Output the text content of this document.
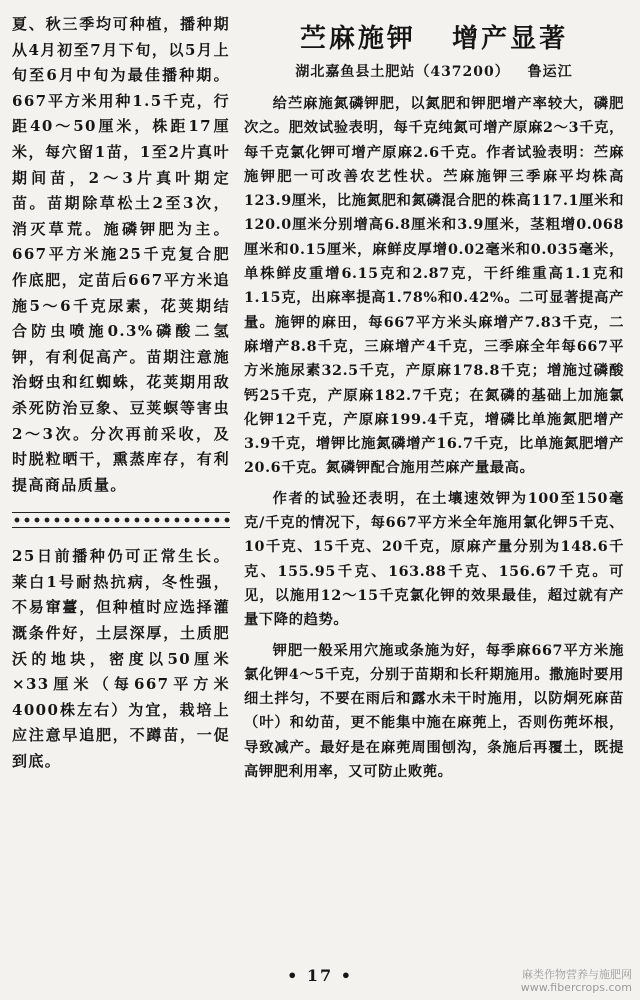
夏、秋三季均可种植，播种期从4月初至7月下旬，以5月上旬至6月中旬为最佳播种期。667平方米用种1.5千克，行距40～50厘米，株距17厘米，每穴留1苗，1至2片真叶期间苗，2～3片真叶期定苗。苗期除草松土2至3次，消灭草荒。施磷钾肥为主。667平方米施25千克复合肥作底肥，定苗后667平方米追施5～6千克尿素，花荚期结合防虫喷施0.3%磷酸二氢钾，有利促高产。苗期注意施治蚜虫和红蜘蛛，花荚期用敌杀死防治豆象、豆荚螟等害虫2～3次。分次再前采收，及时脱粒晒干，熏蒸库存，有利提高商品质量。

25日前播种仍可正常生长。莱白1号耐热抗病，冬性强，不易窜薹，但种植时应选择灌溉条件好，土层深厚，土质肥沃的地块，密度以50厘米×33厘米（每667平方米4000株左右）为宜，栽培上应注意早追肥，不蹲苗，一促到底。

苎麻施钾   增产显著
湖北嘉鱼县土肥站（437200） 鲁运江

给苎麻施氮磷钾肥，以氮肥和钾肥增产率较大，磷肥次之。肥效试验表明，每千克纯氮可增产原麻2～3千克，每千克氯化钾可增产原麻2.6千克。作者试验表明：苎麻施钾肥一可改善农艺性状。苎麻施钾三季麻平均株高123.9厘米，比施氮肥和氮磷混合肥的株高117.1厘米和120.0厘米分别增高6.8厘米和3.9厘米，茎粗增0.068厘米和0.15厘米，麻鲜皮厚增0.02毫米和0.035毫米，单株鲜皮重增6.15克和2.87克，干纤维重高1.1克和1.15克，出麻率提高1.78%和0.42%。二可显著提高产量。施钾的麻田，每667平方米头麻增产7.83千克，二麻增产8.8千克，三麻增产4千克，三季麻全年每667平方米施尿素32.5千克，产原麻178.8千克；增施过磷酸钙25千克，产原麻182.7千克；在氮磷的基础上加施氯化钾12千克，产原麻199.4千克，增磷比单施氮肥增产3.9千克，增钾比施氮磷增产16.7千克，比单施氮肥增产20.6千克。氮磷钾配合施用苎麻产量最高。

作者的试验还表明，在土壤速效钾为100至150毫克/千克的情况下，每667平方米全年施用氯化钾5千克、10千克、15千克、20千克，原麻产量分别为148.6千克、155.95千克、163.88千克、156.67千克。可见，以施用12～15千克氯化钾的效果最佳，超过就有产量下降的趋势。

钾肥一般采用穴施或条施为好，每季麻667平方米施氯化钾4～5千克，分别于苗期和长秆期施用。撒施时要用细土拌匀，不要在雨后和露水未干时施用，以防烔死麻苗（叶）和幼苗，更不能集中施在麻蔸上，否则伤蔸坏根，导致减产。最好是在麻蔸周围刨沟，条施后再覆土，既提高钾肥利用率，又可防止败蔸。

• 17 •	麻类作物营养与施肥网
www.fibercrops.com
